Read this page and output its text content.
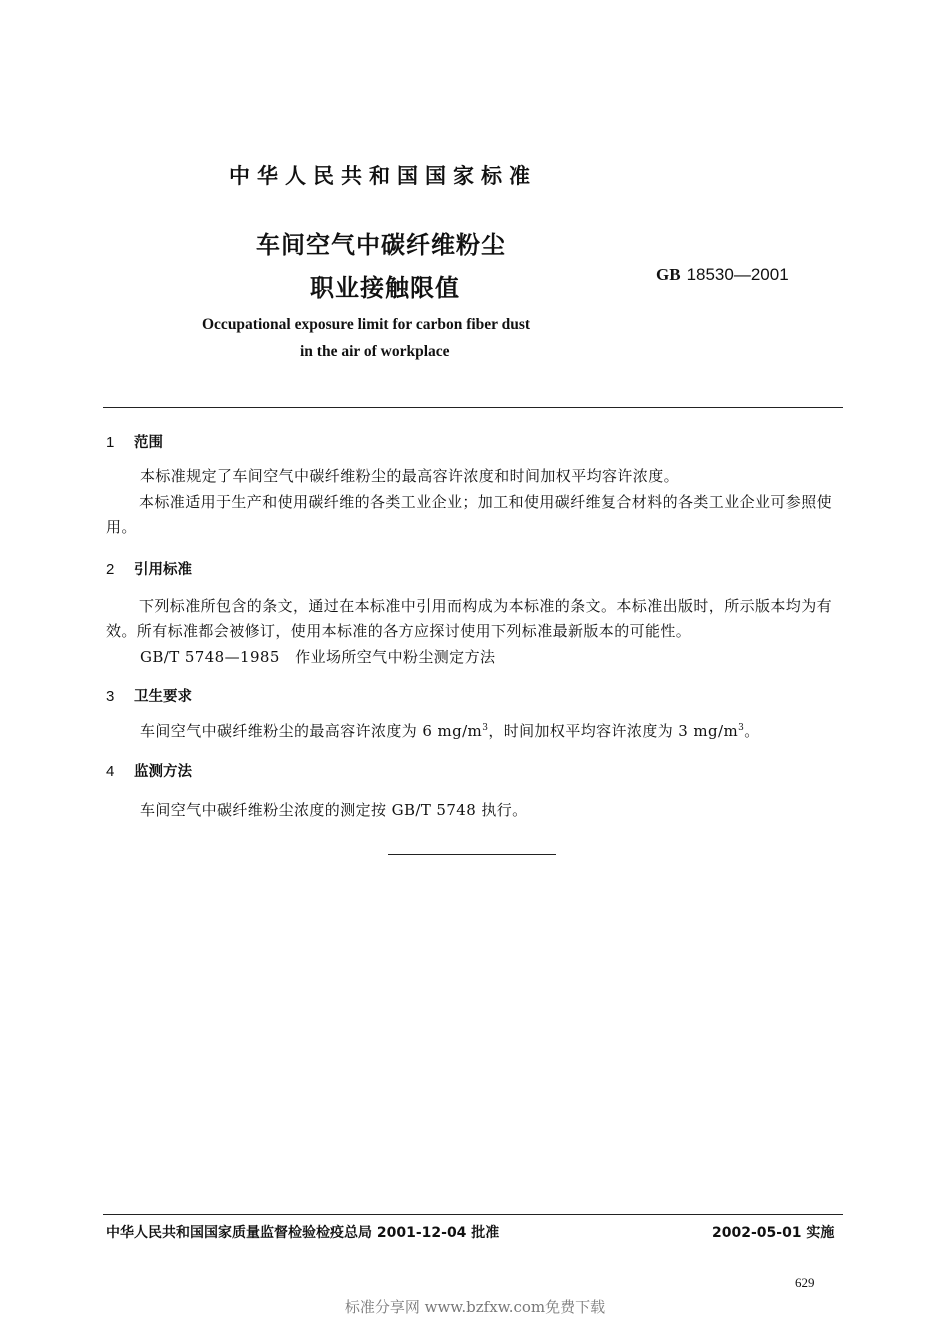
中华人民共和国国家标准
车间空气中碳纤维粉尘
职业接触限值	GB 18530—2001
Occupational exposure limit for carbon fiber dust
in the air of workplace
1 范围
本标准规定了车间空气中碳纤维粉尘的最高容许浓度和时间加权平均容许浓度。
本标准适用于生产和使用碳纤维的各类工业企业；加工和使用碳纤维复合材料的各类工业企业可参照使用。
2 引用标准
下列标准所包含的条文，通过在本标准中引用而构成为本标准的条文。本标准出版时，所示版本均为有效。所有标准都会被修订，使用本标准的各方应探讨使用下列标准最新版本的可能性。
GB/T 5748—1985　作业场所空气中粉尘测定方法
3 卫生要求
车间空气中碳纤维粉尘的最高容许浓度为 6 $mg/m^3$，时间加权平均容许浓度为 3 $mg/m^3$。
4 监测方法
车间空气中碳纤维粉尘浓度的测定按 GB/T 5748 执行。
中华人民共和国国家质量监督检验检疫总局 2001-12-04 批准	2002-05-01 实施
629
标准分享网 www.bzfxw.com免费下载
